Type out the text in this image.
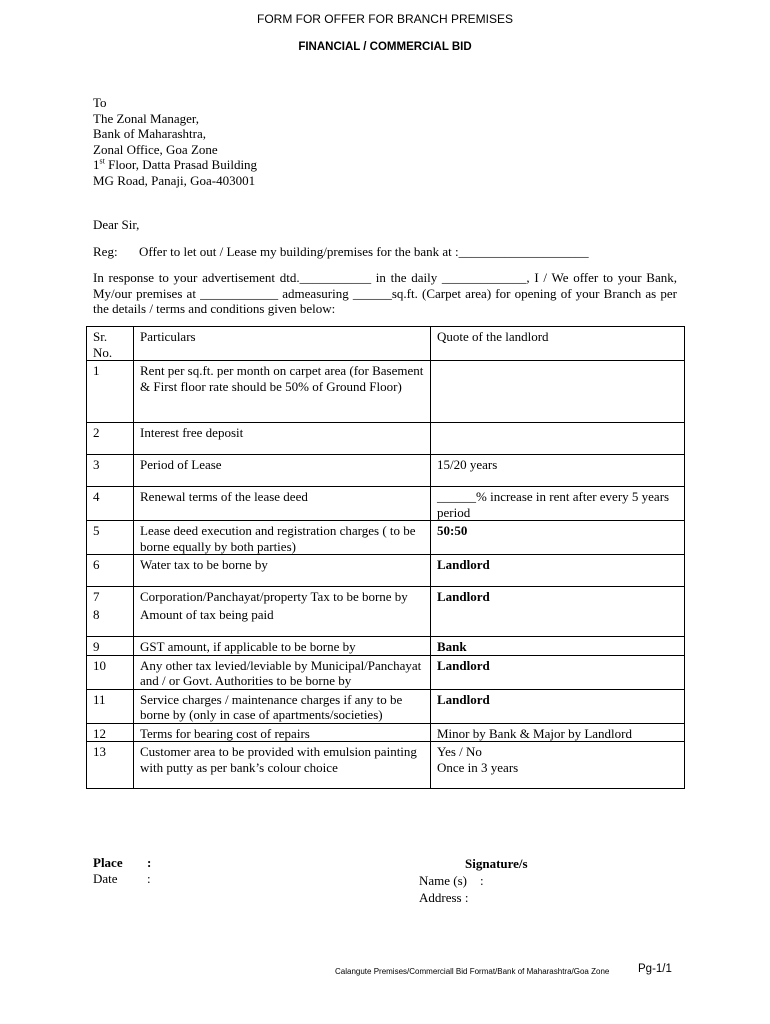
FORM FOR OFFER FOR BRANCH PREMISES
FINANCIAL / COMMERCIAL BID
To
The Zonal Manager,
Bank of Maharashtra,
Zonal Office, Goa Zone
1st Floor, Datta Prasad Building
MG Road, Panaji, Goa-403001
Dear Sir,
Reg: Offer to let out / Lease my building/premises for the bank at :____________________
In response to your advertisement dtd.___________ in the daily _____________, I / We offer to your Bank, My/our premises at ____________ admeasuring ______sq.ft. (Carpet area) for opening of your Branch as per the details / terms and conditions given below:
Sr. No.	Particulars	Quote of the landlord
1	Rent per sq.ft. per month on carpet area (for Basement & First floor rate should be 50% of Ground Floor)	
2	Interest free deposit	
3	Period of Lease	15/20 years
4	Renewal terms of the lease deed	______% increase in rent after every 5 years period
5	Lease deed execution and registration charges ( to be borne equally by both parties)	50:50
6	Water tax to be borne by	Landlord
7	Corporation/Panchayat/property Tax to be borne by	Landlord
8	Amount of tax being paid	
9	GST amount, if applicable to be borne by	Bank
10	Any other tax levied/leviable by Municipal/Panchayat and / or Govt. Authorities to be borne by	Landlord
11	Service charges / maintenance charges if any to be borne by (only in case of apartments/societies)	Landlord
12	Terms for bearing cost of repairs	Minor by Bank & Major by Landlord
13	Customer area to be provided with emulsion painting with putty as per bank’s colour choice	Yes / No
Once in 3 years
Place :
Date :
Signature/s
Name (s)    :
Address :
Calangute Premises/Commerciall Bid Format/Bank of Maharashtra/Goa Zone Pg-1/1
